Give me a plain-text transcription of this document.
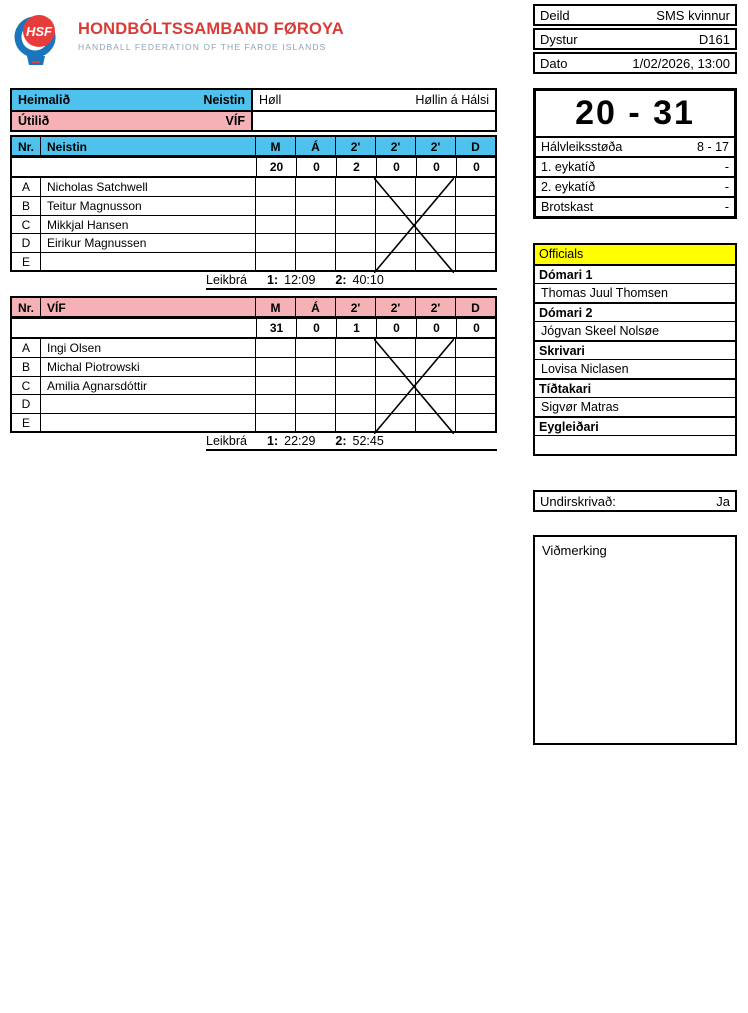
HSF HONDBÓLTSSAMBAND FØROYA
HANDBALL FEDERATION OF THE FAROE ISLANDS
Deild	SMS kvinnur
Dystur	D161
Dato	1/02/2026, 13:00
20 - 31
Hálvleiksstøða	8 - 17
1. eykatíð	-
2. eykatíð	-
Brotskast	-
Officials
Dómari 1
Thomas Juul Thomsen
Dómari 2
Jógvan Skeel Nolsøe
Skrivari
Lovisa Niclasen
Tíðtakari
Sigvør Matras
Eygleiðari
Undirskrivað:	Ja
Viðmerking
Heimalið	Neistin Høll	Høllin á Hálsi
Útilið	VÍF
Nr.	Neistin	M	Á	2'	2'	2'	D
20	0	2	0	0	0
A	Nicholas Satchwell
B	Teitur Magnusson
C	Mikkjal Hansen
D	Eirikur Magnussen
E
Leikbrá 1: 12:09 2: 40:10
Nr.	VÍF	M	Á	2'	2'	2'	D
31	0	1	0	0	0
A	Ingi Olsen
B	Michal Piotrowski
C	Amilia Agnarsdóttir
D
E
Leikbrá 1: 22:29 2: 52:45
